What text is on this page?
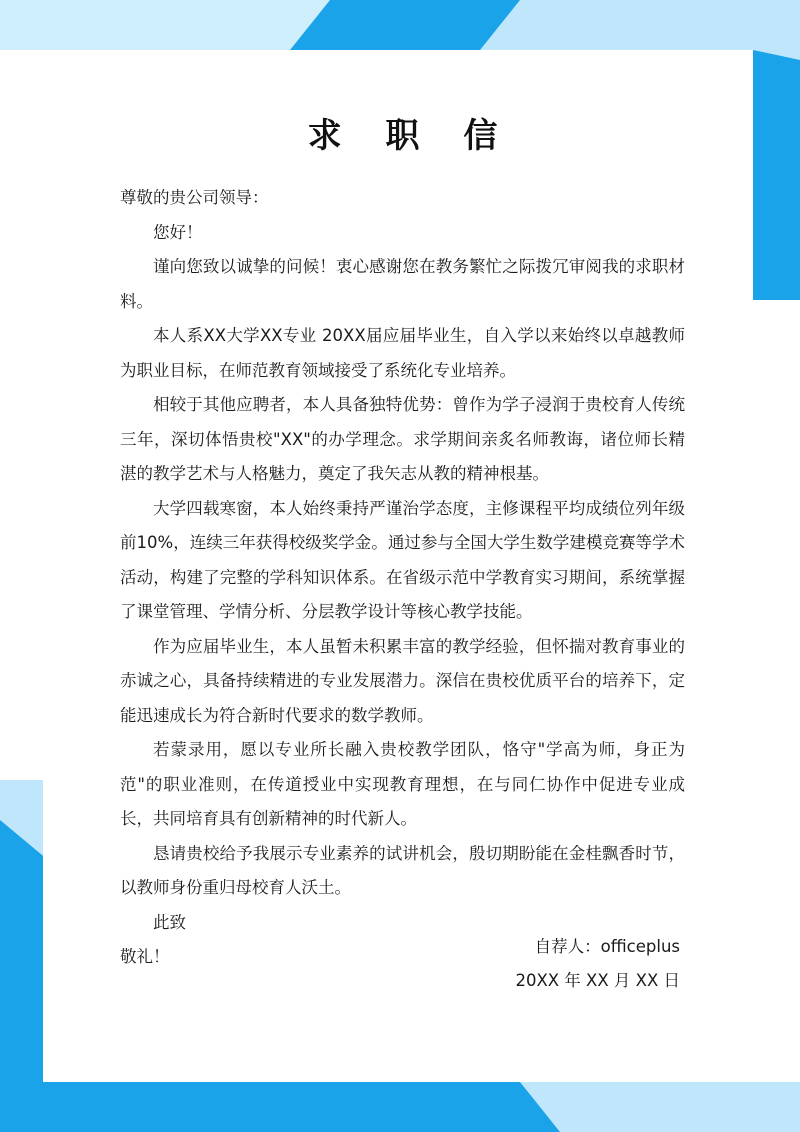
求 职 信

尊敬的贵公司领导：

您好！

谨向您致以诚挚的问候！衷心感谢您在教务繁忙之际拨冗审阅我的求职材料。

本人系XX大学XX专业 20XX届应届毕业生，自入学以来始终以卓越教师为职业目标，在师范教育领域接受了系统化专业培养。

相较于其他应聘者，本人具备独特优势：曾作为学子浸润于贵校育人传统三年，深切体悟贵校"XX"的办学理念。求学期间亲炙名师教诲，诸位师长精湛的教学艺术与人格魅力，奠定了我矢志从教的精神根基。

大学四载寒窗，本人始终秉持严谨治学态度，主修课程平均成绩位列年级前10%，连续三年获得校级奖学金。通过参与全国大学生数学建模竞赛等学术活动，构建了完整的学科知识体系。在省级示范中学教育实习期间，系统掌握了课堂管理、学情分析、分层教学设计等核心教学技能。

作为应届毕业生，本人虽暂未积累丰富的教学经验，但怀揣对教育事业的赤诚之心，具备持续精进的专业发展潜力。深信在贵校优质平台的培养下，定能迅速成长为符合新时代要求的数学教师。

若蒙录用，愿以专业所长融入贵校教学团队，恪守"学高为师，身正为范"的职业准则，在传道授业中实现教育理想，在与同仁协作中促进专业成长，共同培育具有创新精神的时代新人。

恳请贵校给予我展示专业素养的试讲机会，殷切期盼能在金桂飘香时节，以教师身份重归母校育人沃土。

此致

敬礼！

自荐人：officeplus
20XX 年 XX 月 XX 日
